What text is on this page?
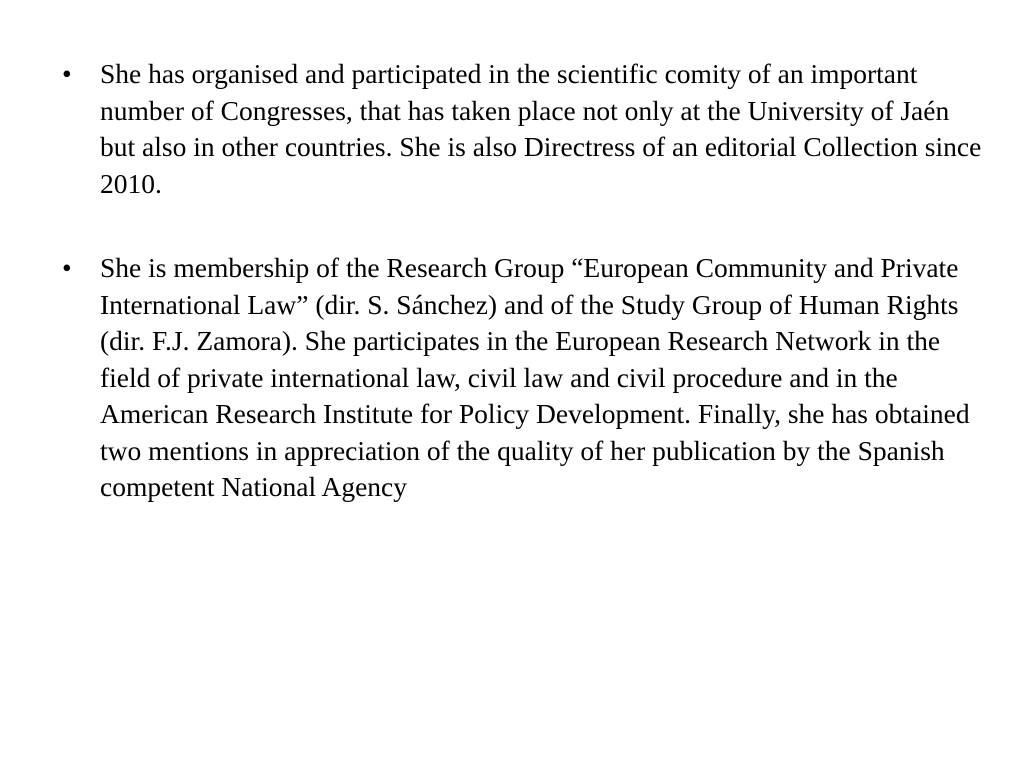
•	She has organised and participated in the scientific comity of an important number of Congresses, that has taken place not only at the University of Jaén but also in other countries. She is also Directress of an editorial Collection since 2010.
•	She is membership of the Research Group “European Community and Private International Law” (dir. S. Sánchez) and of the Study Group of Human Rights (dir. F.J. Zamora). She participates in the European Research Network in the field of private international law, civil law and civil procedure and in the American Research Institute for Policy Development. Finally, she has obtained two mentions in appreciation of the quality of her publication by the Spanish competent National Agency
